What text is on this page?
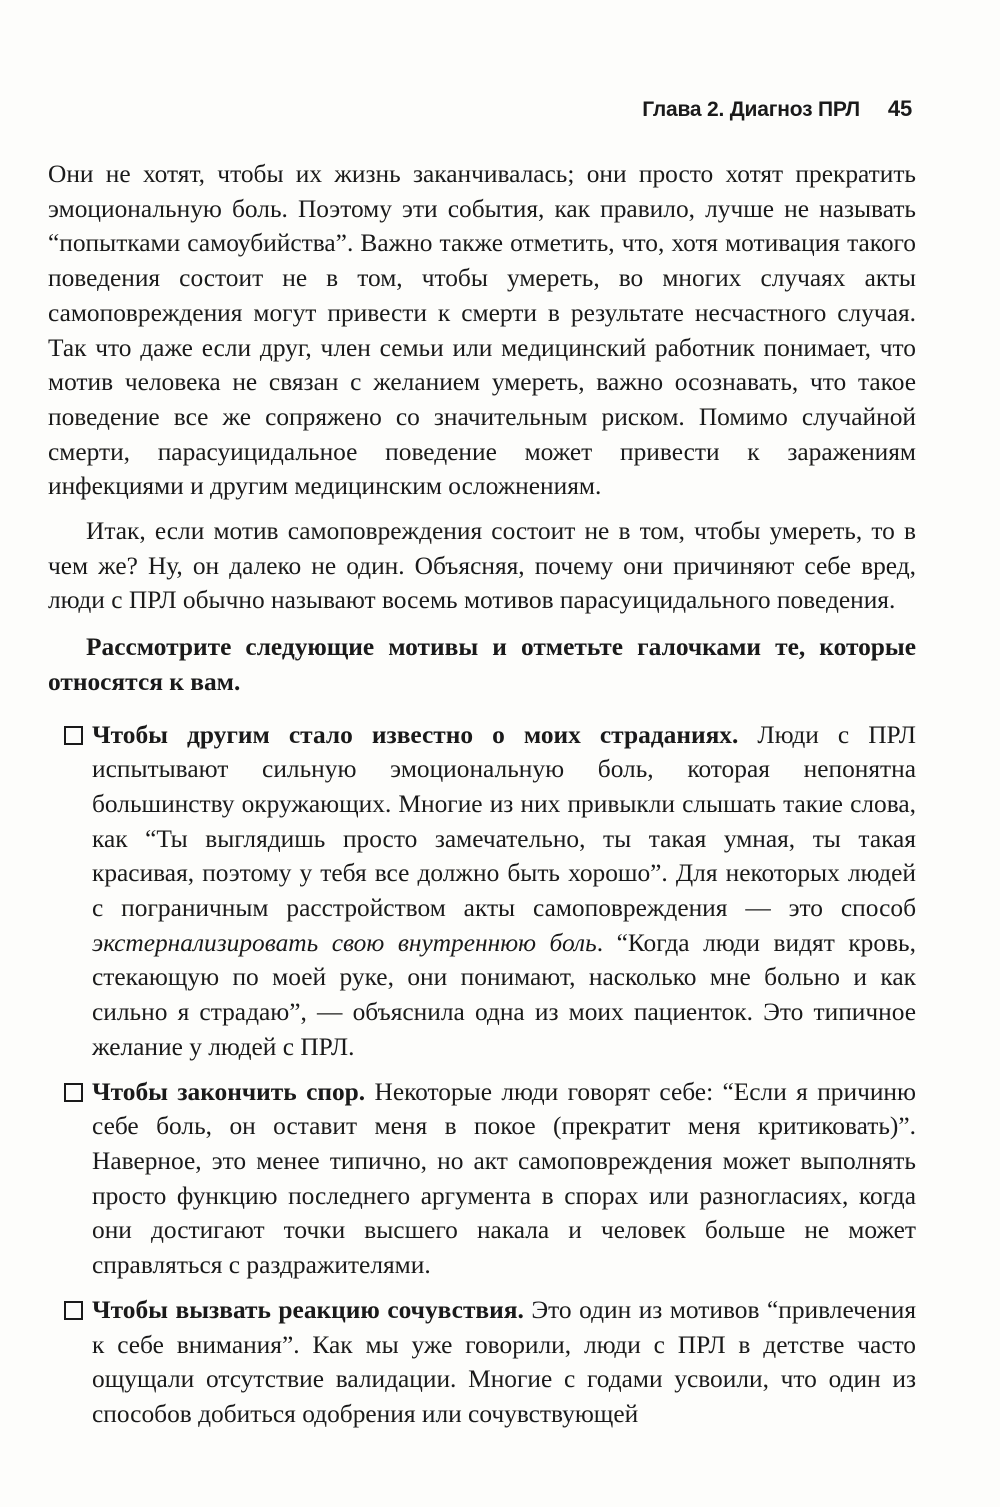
Глава 2. Диагноз ПРЛ 45

Они не хотят, чтобы их жизнь заканчивалась; они просто хотят прекратить эмоциональную боль. Поэтому эти события, как правило, лучше не называть “попытками самоубийства”. Важно также отметить, что, хотя мотивация такого поведения состоит не в том, чтобы умереть, во многих случаях акты самоповреждения могут привести к смерти в результате несчастного случая. Так что даже если друг, член семьи или медицинский работник понимает, что мотив человека не связан с желанием умереть, важно осознавать, что такое поведение все же сопряжено со значительным риском. Помимо случайной смерти, парасуицидальное поведение может привести к заражениям инфекциями и другим медицинским осложнениям.

Итак, если мотив самоповреждения состоит не в том, чтобы умереть, то в чем же? Ну, он далеко не один. Объясняя, почему они причиняют себе вред, люди с ПРЛ обычно называют восемь мотивов парасуицидального поведения.

Рассмотрите следующие мотивы и отметьте галочками те, которые относятся к вам.

Чтобы другим стало известно о моих страданиях. Люди с ПРЛ испытывают сильную эмоциональную боль, которая непонятна большинству окружающих. Многие из них привыкли слышать такие слова, как “Ты выглядишь просто замечательно, ты такая умная, ты такая красивая, поэтому у тебя все должно быть хорошо”. Для некоторых людей с пограничным расстройством акты самоповреждения — это способ экстернализировать свою внутреннюю боль. “Когда люди видят кровь, стекающую по моей руке, они понимают, насколько мне больно и как сильно я страдаю”, — объяснила одна из моих пациенток. Это типичное желание у людей с ПРЛ.
Чтобы закончить спор. Некоторые люди говорят себе: “Если я причиню себе боль, он оставит меня в покое (прекратит меня критиковать)”. Наверное, это менее типично, но акт самоповреждения может выполнять просто функцию последнего аргумента в спорах или разногласиях, когда они достигают точки высшего накала и человек больше не может справляться с раздражителями.
Чтобы вызвать реакцию сочувствия. Это один из мотивов “привлечения к себе внимания”. Как мы уже говорили, люди с ПРЛ в детстве часто ощущали отсутствие валидации. Многие с годами усвоили, что один из способов добиться одобрения или сочувствующей
